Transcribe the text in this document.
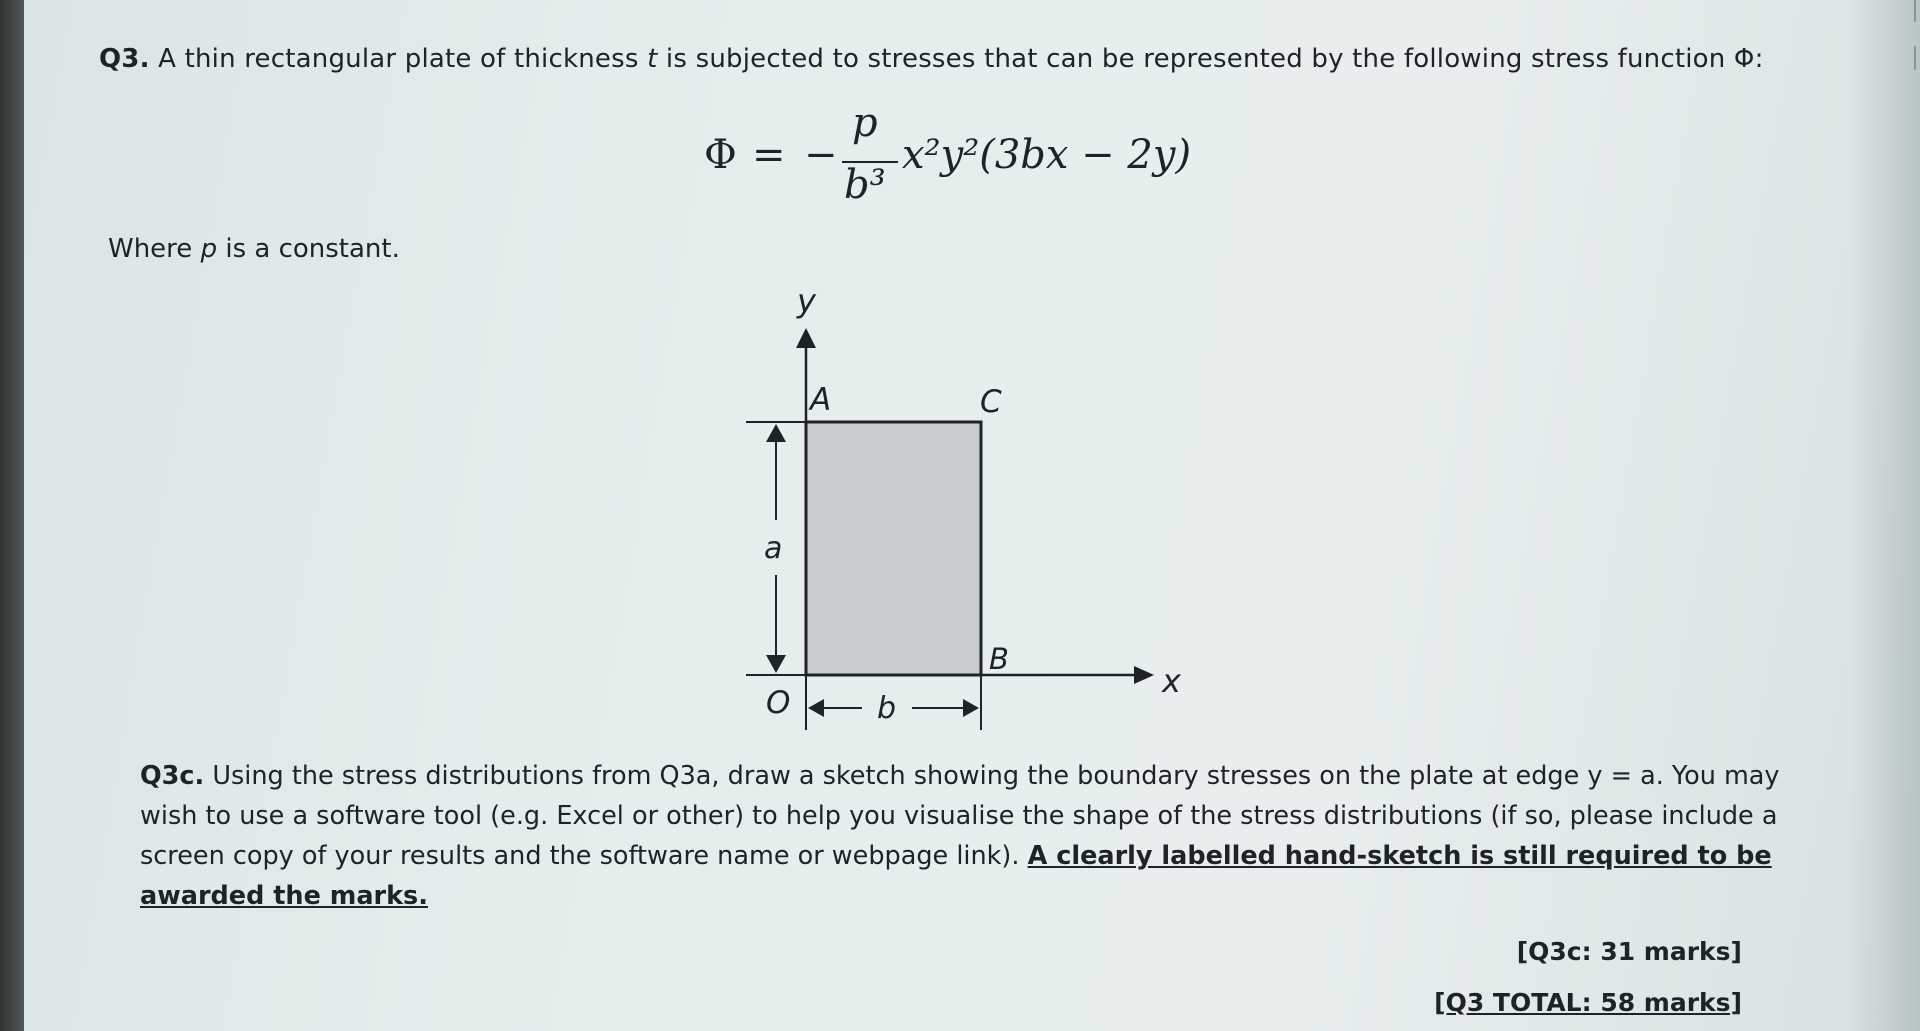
Q3. A thin rectangular plate of thickness t is subjected to stresses that can be represented by the following stress function Φ:
Φ = −
p
b³
x²y²(3bx − 2y)
Where p is a constant.
y
x
A	C
B
O
a
b
Q3c. Using the stress distributions from Q3a, draw a sketch showing the boundary stresses on the plate at edge y = a. You may wish to use a software tool (e.g. Excel or other) to help you visualise the shape of the stress distributions (if so, please include a screen copy of your results and the software name or webpage link). A clearly labelled hand-sketch is still required to be awarded the marks.
[Q3c: 31 marks]
[Q3 TOTAL: 58 marks]
